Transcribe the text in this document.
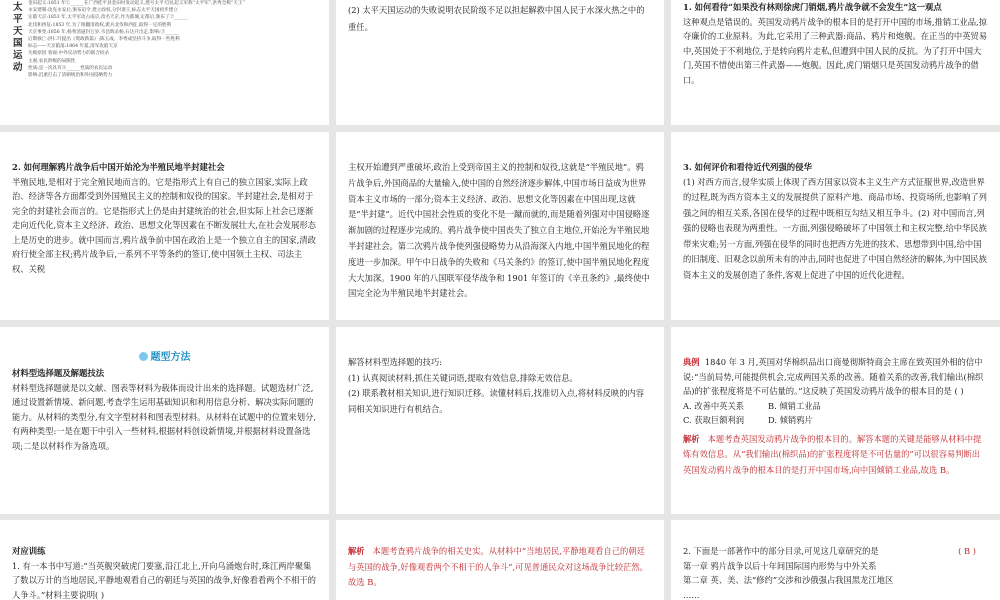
太平天国运动
金田起义:1851 年①______在广西桂平县金田村发动起义,建号太平天国,起义军称“太平军”,洪秀全称“天王”
永安建制:攻克永安后,颁布诏令,建立政权,分封诸王,标志太平天国初步建立
定都天京:1853 年,太平军攻占南京,改名天京,作为都城,定都后,颁布了②______
北伐和西征:1853 年,为了推翻清政权,派兵北伐和西征,取得一定的胜利
天京事变:1856 年,杨秀清逼封万岁,韦昌辉杀杨,石达开出走,影响:③______
后期救亡:洪仁玕提出《资政新篇》;陈玉成、李秀成坚持斗争,取得一些胜利
标志——天京陷落:1864 年夏,清军攻陷天京
失败原因 客观:中外反动势力的联合绞杀
主观:农民阶级的局限性
性质:是一次具有④______性质的农民运动
影响:沉重打击了清朝统治和外国侵略势力

(2) 太平天国运动的失败说明农民阶级不足以担起解救中国人民于水深火热之中的重任。

1. 如何看待“如果没有林则徐虎门销烟,鸦片战争就不会发生”这一观点

这种观点是错误的。英国发动鸦片战争的根本目的是打开中国的市场,推销工业品,掠夺廉价的工业原料。为此,它采用了三种武器:商品、鸦片和炮舰。在正当的中英贸易中,英国处于不利地位,于是转向鸦片走私,但遭到中国人民的反抗。为了打开中国大门,英国不惜使出第三件武器——炮舰。因此,虎门销烟只是英国发动鸦片战争的借口。

2. 如何理解鸦片战争后中国开始沦为半殖民地半封建社会

半殖民地,是相对于完全殖民地而言的。它是指形式上有自己的独立国家,实际上政治、经济等各方面都受到外国殖民主义的控制和奴役的国家。半封建社会,是相对于完全的封建社会而言的。它是指形式上仍是由封建统治的社会,但实际上社会已逐渐走向近代化,资本主义经济、政治、思想文化等因素在不断发展壮大,在社会发展形态上是历史的进步。就中国而言,鸦片战争前中国在政治上是一个独立自主的国家,清政府行使全部主权;鸦片战争后,一系列不平等条约的签订,使中国领土主权、司法主权、关税

主权开始遭到严重破坏,政治上受到帝国主义的控制和奴役,这就是“半殖民地”。鸦片战争后,外国商品的大量输入,使中国的自然经济逐步解体,中国市场日益成为世界资本主义市场的一部分;资本主义经济、政治、思想文化等因素在中国出现,这就是“半封建”。近代中国社会性质的变化不是一蹴而就的,而是随着列强对中国侵略逐渐加剧的过程逐步完成的。鸦片战争使中国丧失了独立自主地位,开始沦为半殖民地半封建社会。第二次鸦片战争使列强侵略势力从沿海深入内地,中国半殖民地化的程度进一步加深。甲午中日战争的失败和《马关条约》的签订,使中国半殖民地化程度大大加深。1900 年的八国联军侵华战争和 1901 年签订的《辛丑条约》,最终使中国完全沦为半殖民地半封建社会。

3. 如何评价和看待近代列强的侵华

(1) 对西方而言,侵华实质上体现了西方国家以资本主义生产方式征服世界,改造世界的过程,既为西方资本主义的发展提供了原料产地、商品市场、投资场所,也影响了列强之间的相互关系,各国在侵华的过程中既相互勾结又相互争斗。(2) 对中国而言,列强的侵略也表现为两重性。一方面,列强侵略破坏了中国领土和主权完整,给中华民族带来灾难;另一方面,列强在侵华的同时也把西方先进的技术、思想带到中国,给中国的旧制度、旧观念以前所未有的冲击,同时也促进了中国自然经济的解体,为中国民族资本主义的发展创造了条件,客观上促进了中国的近代化进程。

题型方法

材料型选择题及解题技法

材料型选择题就是以文献、图表等材料为载体而设计出来的选择题。试题选材广泛,通过设置新情境、新问题,考查学生运用基础知识和利用信息分析、解决实际问题的能力。从材料的类型分,有文字型材料和图表型材料。从材料在试题中的位置来划分,有两种类型:一是在题干中引入一些材料,根据材料创设新情境,并根据材料设置备选项;二是以材料作为备选项。

解答材料型选择题的技巧:

(1) 认真阅读材料,抓住关键词语,提取有效信息,排除无效信息。

(2) 联系教材相关知识,进行知识迁移。读懂材料后,找准切入点,将材料反映的内容同相关知识进行有机结合。

典例 1840 年 3 月,英国对华棉织品出口商曼彻斯特商会主席在致英国外相的信中说:“当前局势,可能提供机会,完成两国关系的改善。随着关系的改善,我们输出(棉织品)的扩张程度将是不可估量的。”这反映了英国发动鸦片战争的根本目的是 ( )

A. 改善中英关系	B. 倾销工业品
C. 获取巨额利润	D. 倾销鸦片

解析 本题考查英国发动鸦片战争的根本目的。解答本题的关键是能够从材料中提炼有效信息。从“我们输出(棉织品)的扩张程度将是不可估量的”可以很容易判断出英国发动鸦片战争的根本目的是打开中国市场,向中国倾销工业品,故选 B。

对应训练

1. 有一本书中写道:“当英舰突破虎门要塞,沿江北上,开向乌涌炮台时,珠江两岸聚集了数以万计的当地居民,平静地观看自己的朝廷与英国的战争,好像看看两个不相干的人争斗。”材料主要说明( )

解析 本题考查鸦片战争的相关史实。从材料中“当地居民,平静地观看自己的朝廷与英国的战争,好像观看两个不相干的人争斗”,可见普通民众对这场战争比较茫然。故选 B。

2. 下面是一部著作中的部分目录,可见这几章研究的是	( B )

第一章 鸦片战争以后十年间国际国内形势与中外关系

第二章 英、美、法“修约”交涉和沙俄强占我国黑龙江地区

……
